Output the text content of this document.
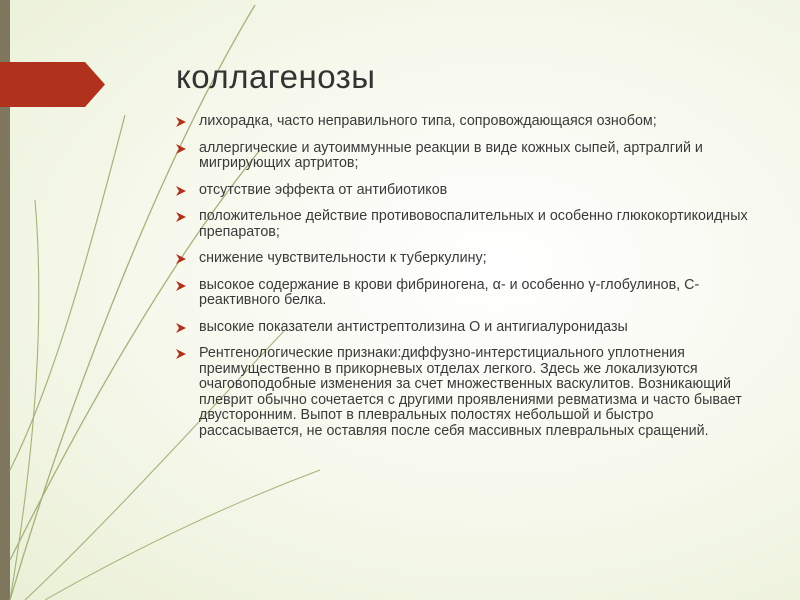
коллагенозы
лихорадка, часто неправильного типа, сопровождающаяся ознобом;
аллергические и аутоиммунные реакции в виде кожных сыпей, артралгий и мигрирующих артритов;
отсутствие эффекта от антибиотиков
положительное действие противовоспалительных и особенно глюкокортикоидных препаратов;
снижение чувствительности к туберкулину;
высокое содержание в крови фибриногена, α- и особенно γ-глобулинов, С-реактивного белка.
высокие показатели антистрептолизина О и антигиалуронидазы
Рентгенологические признаки:диффузно-интерстициального уплотнения преимущественно в прикорневых отделах легкого. Здесь же локализуются очаговоподобные изменения за счет множественных васкулитов. Возникающий плеврит обычно сочетается с другими проявлениями ревматизма и часто бывает двусторонним. Выпот в плевральных полостях небольшой и быстро рассасывается, не оставляя после себя массивных плевральных сращений.
